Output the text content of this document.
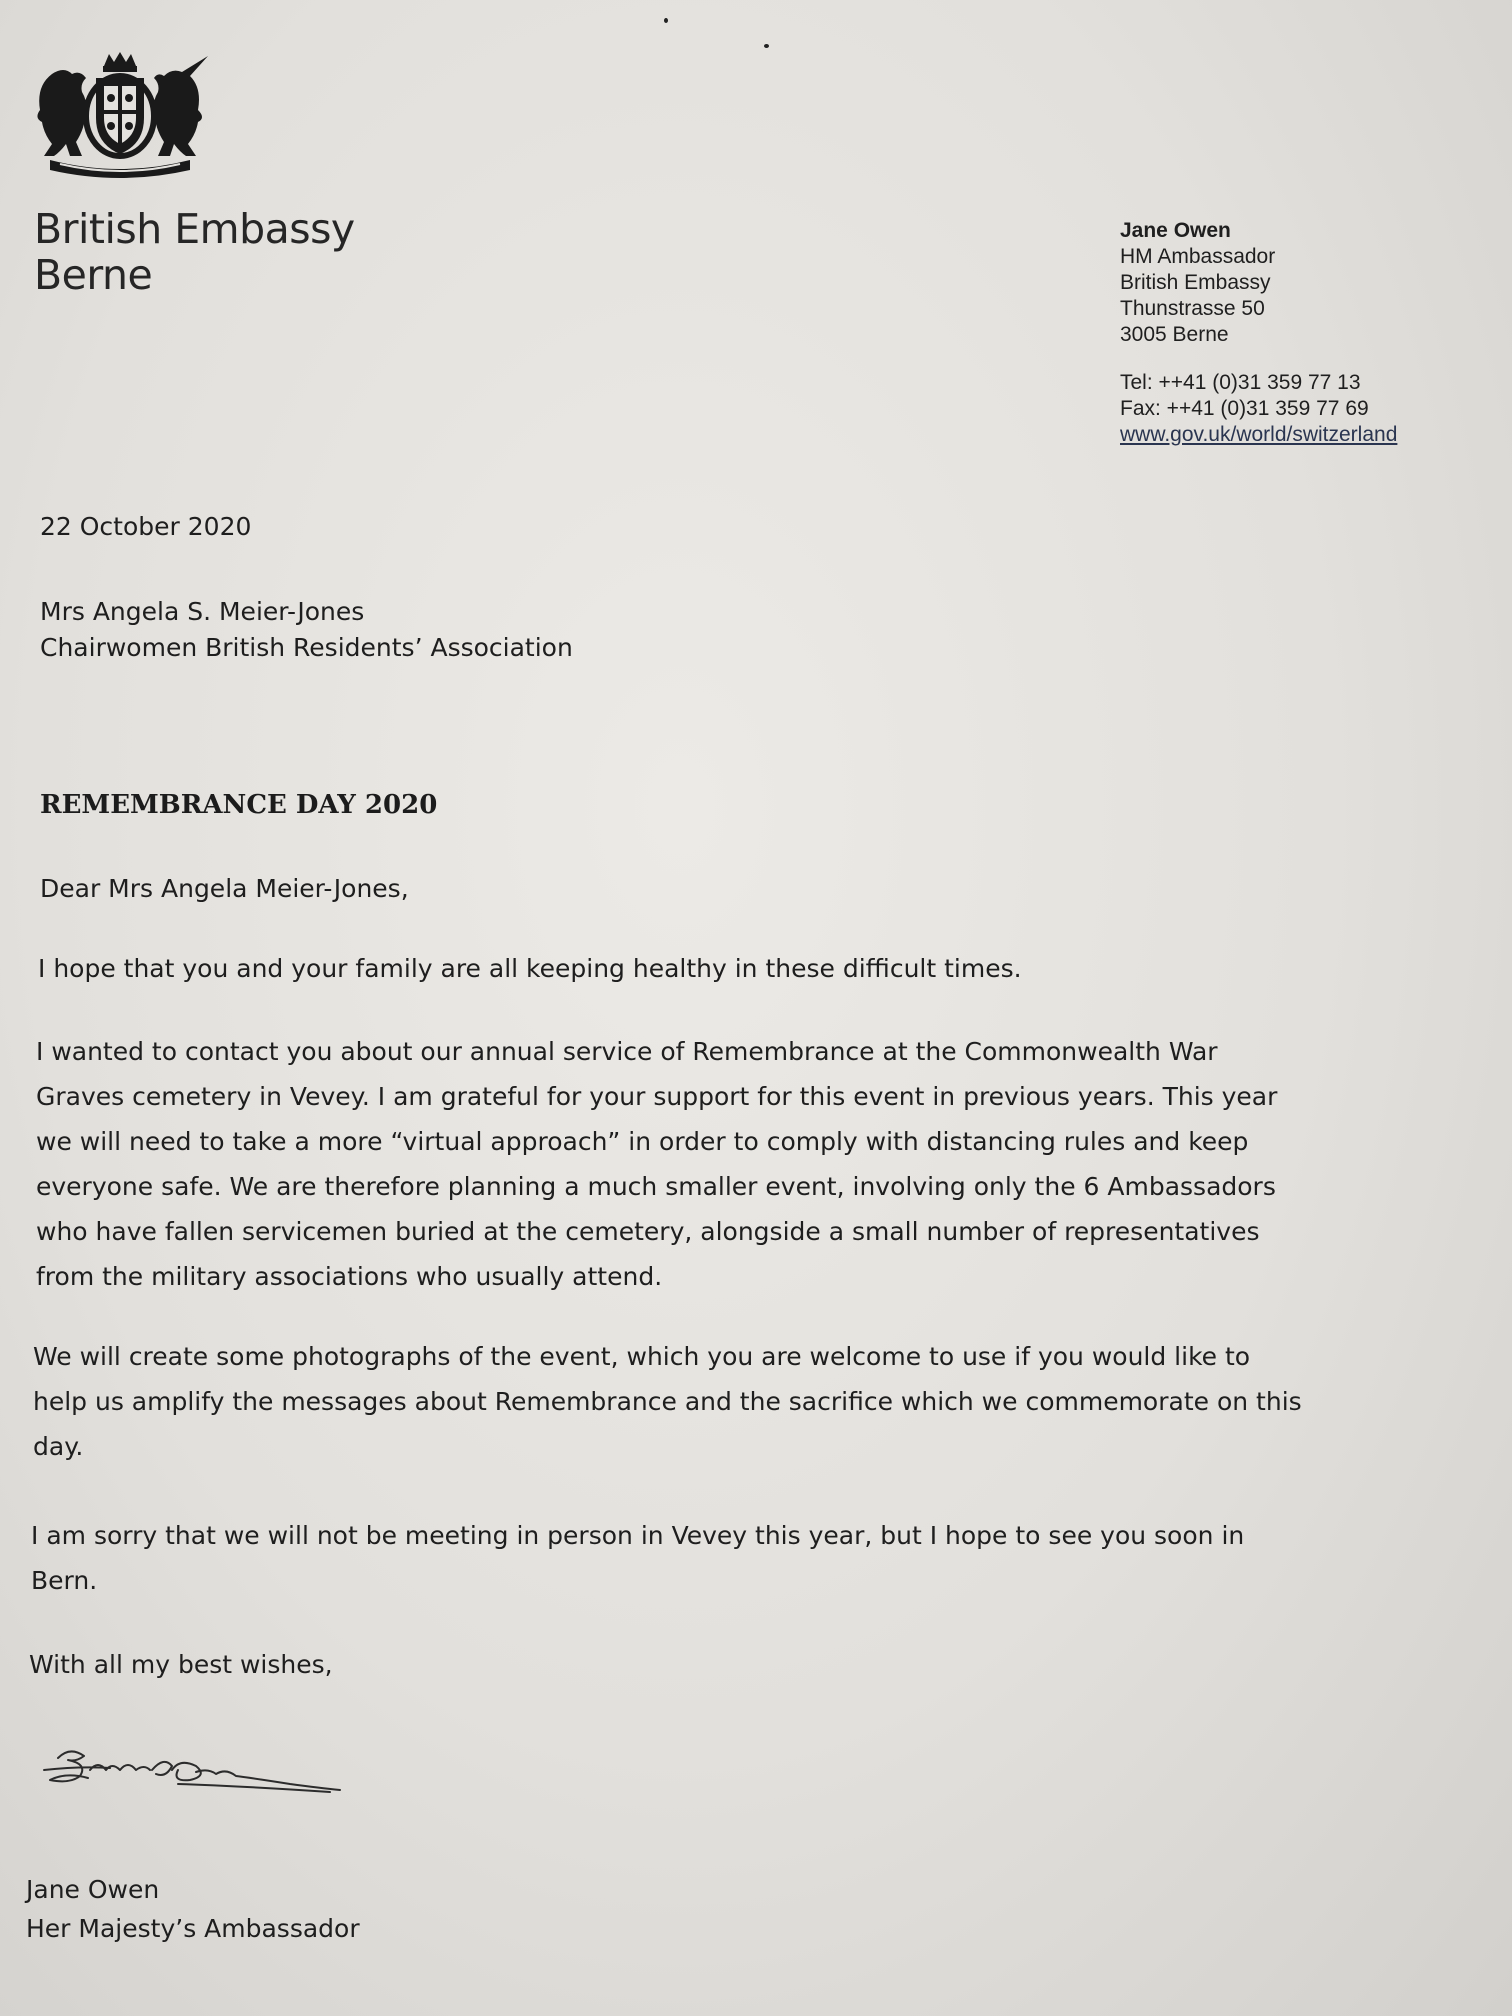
British Embassy
Berne
Jane Owen
HM Ambassador
British Embassy
Thunstrasse 50
3005 Berne
Tel: ++41 (0)31 359 77 13
Fax: ++41 (0)31 359 77 69
www.gov.uk/world/switzerland
22 October 2020
Mrs Angela S. Meier-Jones
Chairwomen British Residents’ Association
REMEMBRANCE DAY 2020
Dear Mrs Angela Meier-Jones,
I hope that you and your family are all keeping healthy in these difficult times.
I wanted to contact you about our annual service of Remembrance at the Commonwealth War
Graves cemetery in Vevey. I am grateful for your support for this event in previous years. This year
we will need to take a more “virtual approach” in order to comply with distancing rules and keep
everyone safe. We are therefore planning a much smaller event, involving only the 6 Ambassadors
who have fallen servicemen buried at the cemetery, alongside a small number of representatives
from the military associations who usually attend.
We will create some photographs of the event, which you are welcome to use if you would like to
help us amplify the messages about Remembrance and the sacrifice which we commemorate on this
day.
I am sorry that we will not be meeting in person in Vevey this year, but I hope to see you soon in
Bern.
With all my best wishes,
Jane Owen
Her Majesty’s Ambassador
